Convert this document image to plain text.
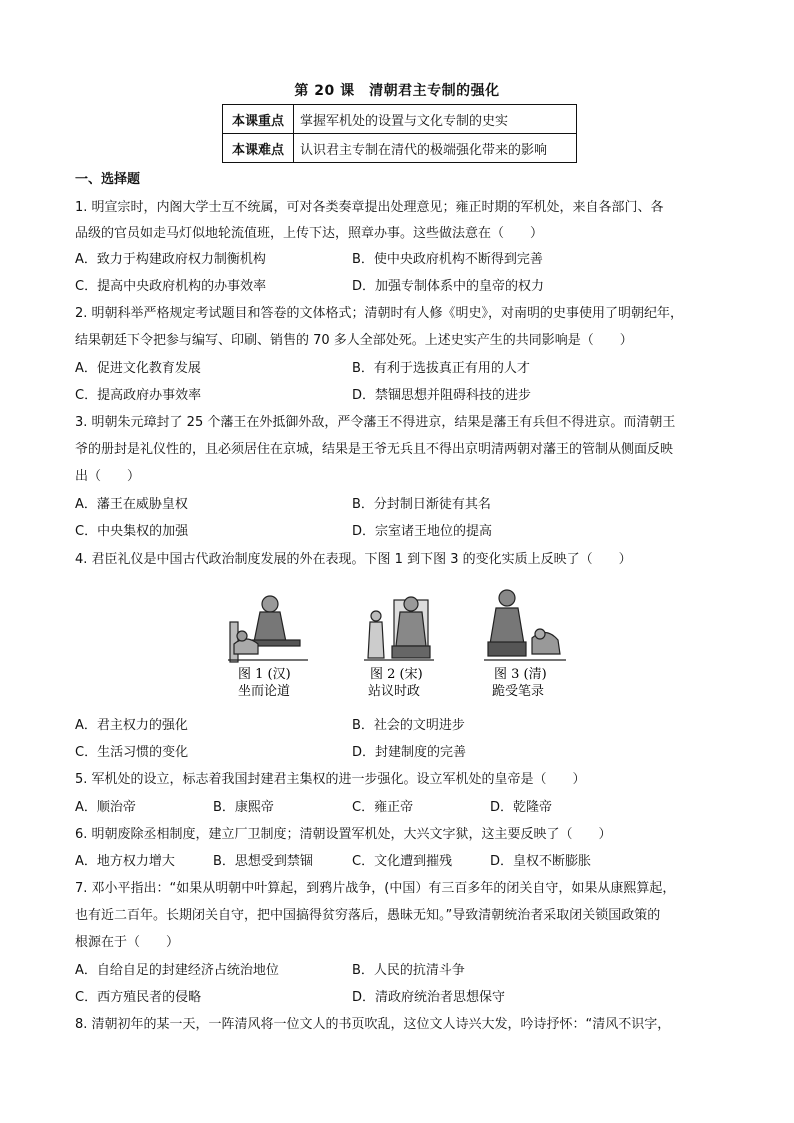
第 20 课　清朝君主专制的强化
本课重点	掌握军机处的设置与文化专制的史实
本课难点	认识君主专制在清代的极端强化带来的影响
一、选择题
1. 明宣宗时，内阁大学士互不统属，可对各类奏章提出处理意见；雍正时期的军机处，来自各部门、各
品级的官员如走马灯似地轮流值班，上传下达，照章办事。这些做法意在（　　）
A．致力于构建政府权力制衡机构	B．使中央政府机构不断得到完善
C．提高中央政府机构的办事效率	D．加强专制体系中的皇帝的权力
2. 明朝科举严格规定考试题目和答卷的文体格式；清朝时有人修《明史》，对南明的史事使用了明朝纪年，
结果朝廷下令把参与编写、印刷、销售的 70 多人全部处死。上述史实产生的共同影响是（　　）
A．促进文化教育发展	B．有利于选拔真正有用的人才
C．提高政府办事效率	D．禁锢思想并阻碍科技的进步
3. 明朝朱元璋封了 25 个藩王在外抵御外敌，严令藩王不得进京，结果是藩王有兵但不得进京。而清朝王
爷的册封是礼仪性的，且必须居住在京城，结果是王爷无兵且不得出京明清两朝对藩王的管制从侧面反映
出（　　）
A．藩王在威胁皇权	B．分封制日渐徒有其名
C．中央集权的加强	D．宗室诸王地位的提高
4. 君臣礼仪是中国古代政治制度发展的外在表现。下图 1 到下图 3 的变化实质上反映了（　　）
图 1 (汉)
坐而论道
图 2 (宋)
站议时政
图 3 (清)
跪受笔录
A．君主权力的强化	B．社会的文明进步
C．生活习惯的变化	D．封建制度的完善
5. 军机处的设立，标志着我国封建君主集权的进一步强化。设立军机处的皇帝是（　　）
A．顺治帝	B．康熙帝	C．雍正帝	D．乾隆帝
6. 明朝废除丞相制度，建立厂卫制度；清朝设置军机处，大兴文字狱，这主要反映了（　　）
A．地方权力增大	B．思想受到禁锢	C．文化遭到摧残	D．皇权不断膨胀
7. 邓小平指出：“如果从明朝中叶算起，到鸦片战争，(中国）有三百多年的闭关自守，如果从康熙算起，
也有近二百年。长期闭关自守，把中国搞得贫穷落后，愚昧无知。”导致清朝统治者采取闭关锁国政策的
根源在于（　　）
A．自给自足的封建经济占统治地位	B．人民的抗清斗争
C．西方殖民者的侵略	D．清政府统治者思想保守
8. 清朝初年的某一天，一阵清风将一位文人的书页吹乱，这位文人诗兴大发，吟诗抒怀：“清风不识字，
